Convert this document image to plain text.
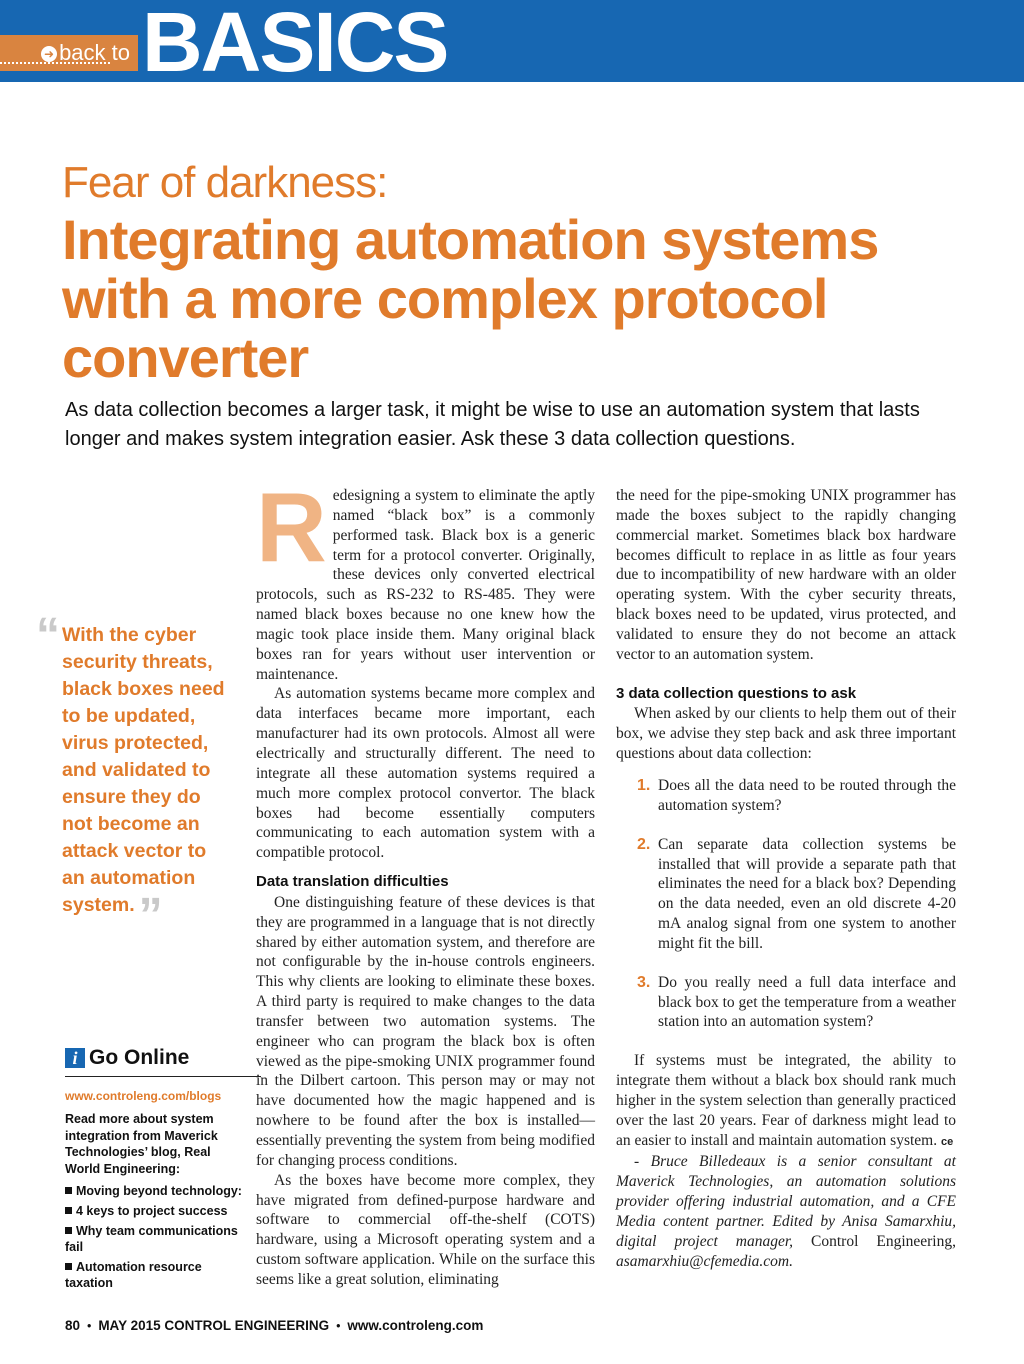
➜ back to BASICS
Fear of darkness:
Integrating automation systems with a more complex protocol converter
As data collection becomes a larger task, it might be wise to use an automation system that lasts longer and makes system integration easier. Ask these 3 data collection questions.
“ With the cyber security threats, black boxes need to be updated, virus protected, and validated to ensure they do not become an attack vector to an automation system.”
i Go Online
www.controleng.com/blogs
Read more about system integration from Maverick Technologies’ blog, Real World Engineering:
Moving beyond technology:
4 keys to project success
Why team communications fail
Automation resource taxation

Redesigning a system to eliminate the aptly named “black box” is a commonly performed task. Black box is a generic term for a protocol converter. Originally, these devices only converted electrical protocols, such as RS-232 to RS-485. They were named black boxes because no one knew how the magic took place inside them. Many original black boxes ran for years without user intervention or maintenance.

As automation systems became more complex and data interfaces became more important, each manufacturer had its own protocols. Almost all were electrically and structurally different. The need to integrate all these automation systems required a much more complex protocol convertor. The black boxes had become essentially computers communicating to each automation system with a compatible protocol.

Data translation difficulties

One distinguishing feature of these devices is that they are programmed in a language that is not directly shared by either automation system, and therefore are not configurable by the in-house controls engineers. This why clients are looking to eliminate these boxes. A third party is required to make changes to the data transfer between two automation systems. The engineer who can program the black box is often viewed as the pipe-smoking UNIX programmer found in the Dilbert cartoon. This person may or may not have documented how the magic happened and is nowhere to be found after the box is installed—essentially preventing the system from being modified for changing process conditions.

As the boxes have become more complex, they have migrated from defined-purpose hardware and software to commercial off-the-shelf (COTS) hardware, using a Microsoft operating system and a custom software application. While on the surface this seems like a great solution, eliminating

the need for the pipe-smoking UNIX programmer has made the boxes subject to the rapidly changing commercial market. Sometimes black box hardware becomes difficult to replace in as little as four years due to incompatibility of new hardware with an older operating system. With the cyber security threats, black boxes need to be updated, virus protected, and validated to ensure they do not become an attack vector to an automation system.

3 data collection questions to ask

When asked by our clients to help them out of their box, we advise they step back and ask three important questions about data collection:

1. Does all the data need to be routed through the automation system?
2. Can separate data collection systems be installed that will provide a separate path that eliminates the need for a black box? Depending on the data needed, even an old discrete 4-20 mA analog signal from one system to another might fit the bill.
3. Do you really need a full data interface and black box to get the temperature from a weather station into an automation system?

If systems must be integrated, the ability to integrate them without a black box should rank much higher in the system selection than generally practiced over the last 20 years. Fear of darkness might lead to an easier to install and maintain automation system. ce

- Bruce Billedeaux is a senior consultant at Maverick Technologies, an automation solutions provider offering industrial automation, and a CFE Media content partner. Edited by Anisa Samarxhiu, digital project manager, Control Engineering, asamarxhiu@cfemedia.com.

80  •  MAY 2015 CONTROL ENGINEERING  •  www.controleng.com
